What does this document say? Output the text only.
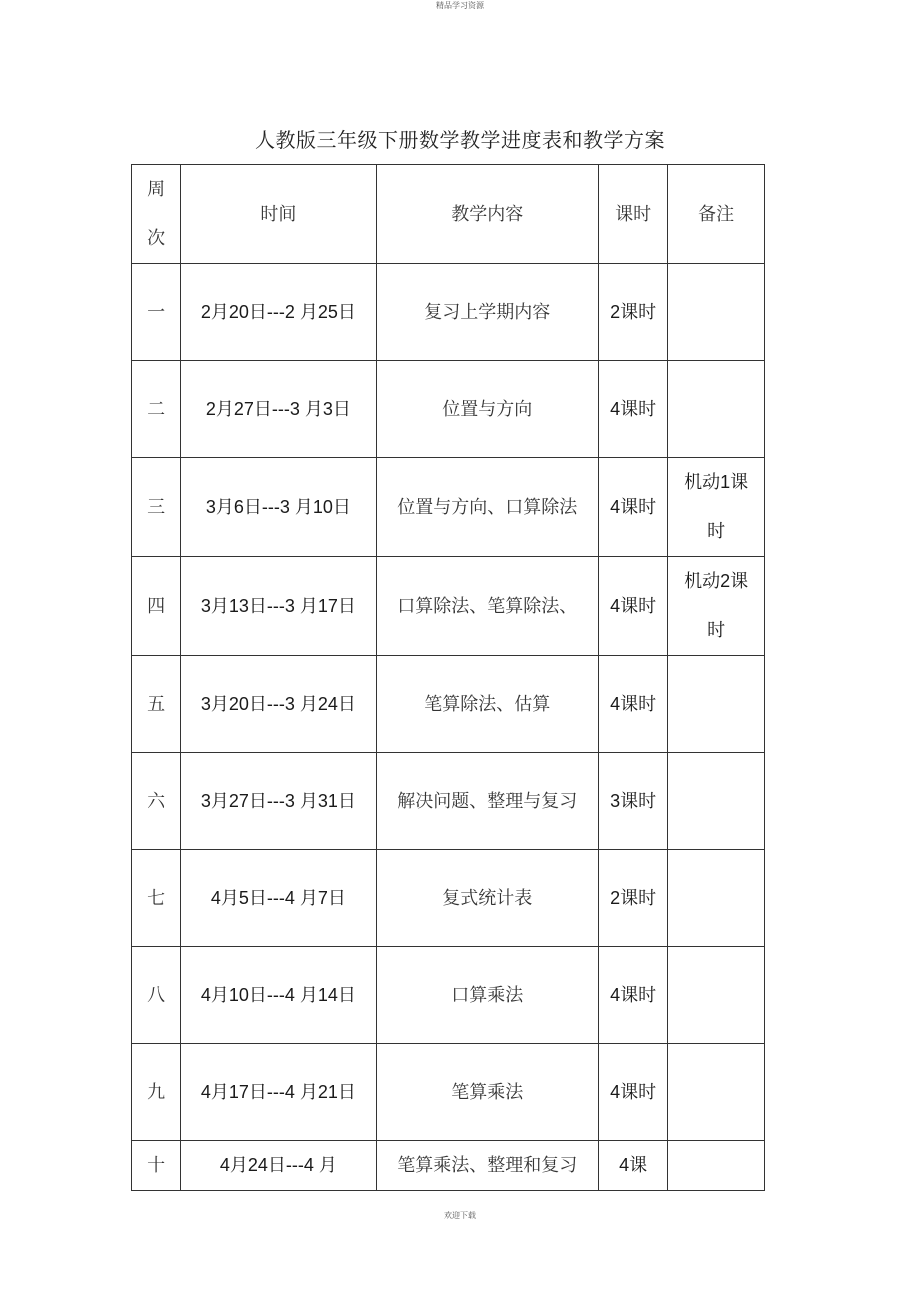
精品学习资源
人教版三年级下册数学教学进度表和教学方案
周次	时间	教学内容	课时	备注
一	2月20日---2 月25日	复习上学期内容	2课时	
二	2月27日---3 月3日	位置与方向	4课时	
三	3月6日---3 月10日	位置与方向、口算除法	4课时	机动1课时
四	3月13日---3 月17日	口算除法、笔算除法、	4课时	机动2课时
五	3月20日---3 月24日	笔算除法、估算	4课时	
六	3月27日---3 月31日	解决问题、整理与复习	3课时	
七	4月5日---4 月7日	复式统计表	2课时	
八	4月10日---4 月14日	口算乘法	4课时	
九	4月17日---4 月21日	笔算乘法	4课时	
十	4月24日---4 月	笔算乘法、整理和复习	4课	
欢迎下载
